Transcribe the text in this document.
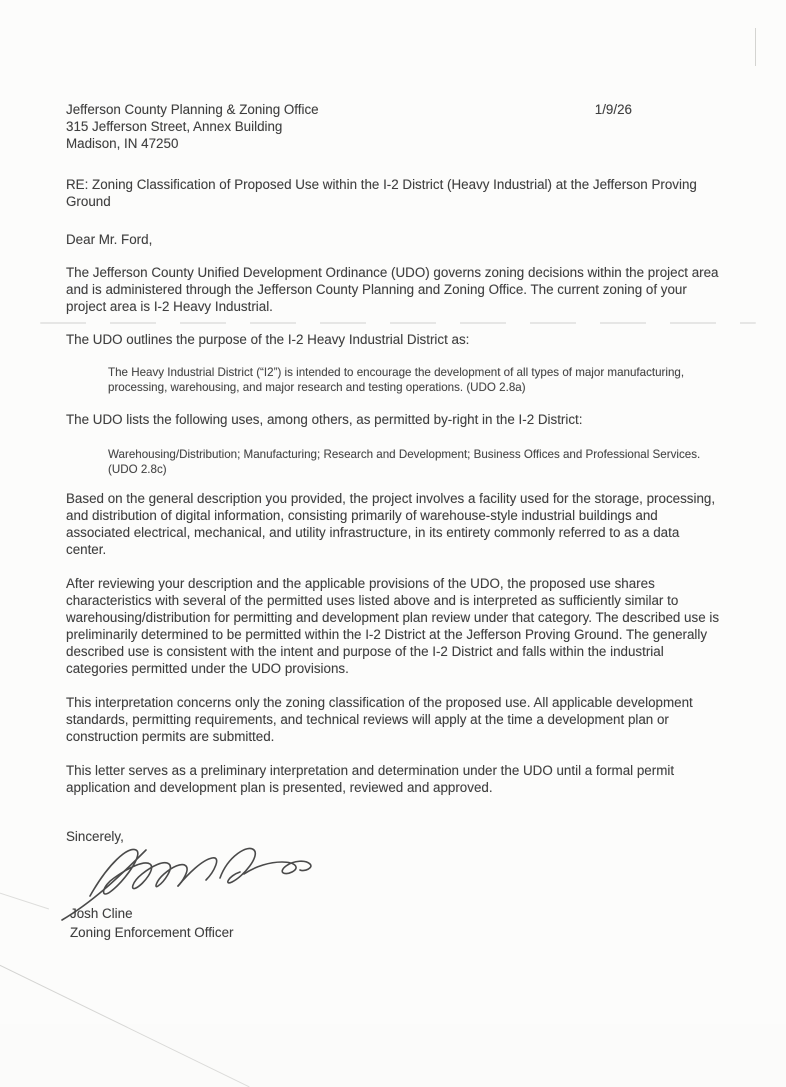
Jefferson County Planning & Zoning Office	1/9/26
315 Jefferson Street, Annex Building
Madison, IN 47250
RE: Zoning Classification of Proposed Use within the I-2 District (Heavy Industrial) at the Jefferson Proving Ground
Dear Mr. Ford,
The Jefferson County Unified Development Ordinance (UDO) governs zoning decisions within the project area and is administered through the Jefferson County Planning and Zoning Office. The current zoning of your project area is I-2 Heavy Industrial.
The UDO outlines the purpose of the I-2 Heavy Industrial District as:
The Heavy Industrial District (“I2”) is intended to encourage the development of all types of major manufacturing, processing, warehousing, and major research and testing operations. (UDO 2.8a)
The UDO lists the following uses, among others, as permitted by-right in the I-2 District:
Warehousing/Distribution; Manufacturing; Research and Development; Business Offices and Professional Services. (UDO 2.8c)
Based on the general description you provided, the project involves a facility used for the storage, processing, and distribution of digital information, consisting primarily of warehouse-style industrial buildings and associated electrical, mechanical, and utility infrastructure, in its entirety commonly referred to as a data center.
After reviewing your description and the applicable provisions of the UDO, the proposed use shares characteristics with several of the permitted uses listed above and is interpreted as sufficiently similar to warehousing/distribution for permitting and development plan review under that category. The described use is preliminarily determined to be permitted within the I-2 District at the Jefferson Proving Ground. The generally described use is consistent with the intent and purpose of the I-2 District and falls within the industrial categories permitted under the UDO provisions.
This interpretation concerns only the zoning classification of the proposed use. All applicable development standards, permitting requirements, and technical reviews will apply at the time a development plan or construction permits are submitted.
This letter serves as a preliminary interpretation and determination under the UDO until a formal permit application and development plan is presented, reviewed and approved.
Sincerely,
Josh Cline
Zoning Enforcement Officer
